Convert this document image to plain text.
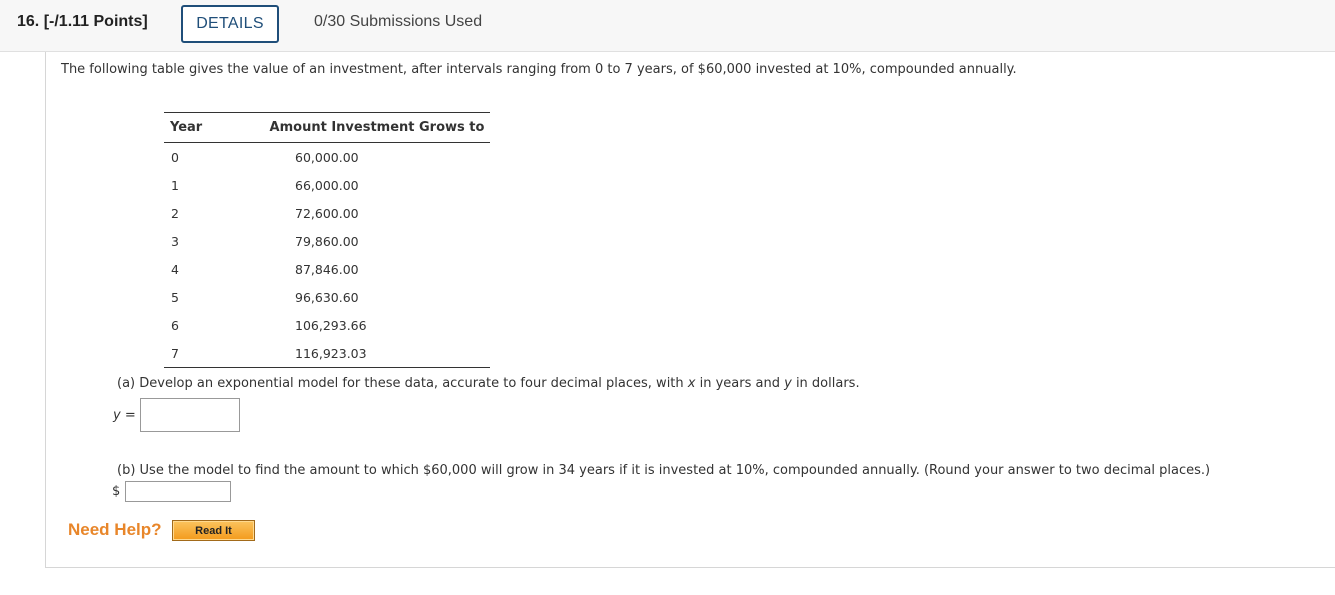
16. [-/1.11 Points]	DETAILS	0/30 Submissions Used
The following table gives the value of an investment, after intervals ranging from 0 to 7 years, of $60,000 invested at 10%, compounded annually.
Year	Amount Investment Grows to
0	60,000.00
1	66,000.00
2	72,600.00
3	79,860.00
4	87,846.00
5	96,630.60
6	106,293.66
7	116,923.03
(a) Develop an exponential model for these data, accurate to four decimal places, with x in years and y in dollars.
y =
(b) Use the model to find the amount to which $60,000 will grow in 34 years if it is invested at 10%, compounded annually. (Round your answer to two decimal places.)
$
Need Help?	Read It
